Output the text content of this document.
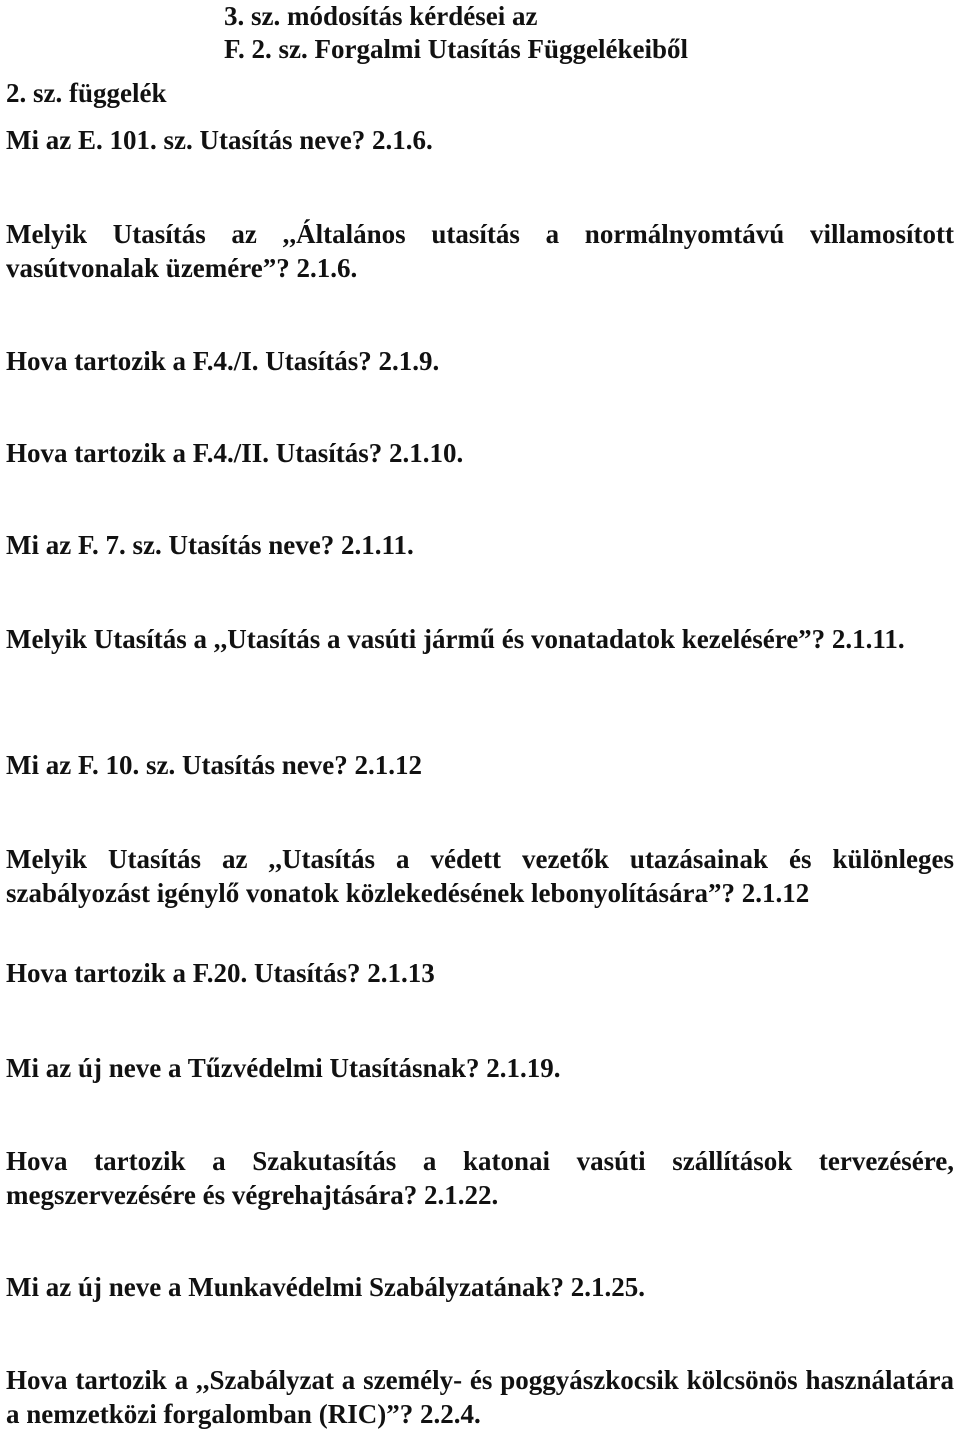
3. sz. módosítás kérdései az
F. 2. sz. Forgalmi Utasítás Függelékeiből
2. sz. függelék

Mi az E. 101. sz. Utasítás neve? 2.1.6.

Melyik Utasítás az ,,Általános utasítás a normálnyomtávú villamosított vasútvonalak üzemére”? 2.1.6.

Hova tartozik a F.4./I. Utasítás? 2.1.9.

Hova tartozik a F.4./II. Utasítás? 2.1.10.

Mi az F. 7. sz. Utasítás neve? 2.1.11.

Melyik Utasítás a ,,Utasítás a vasúti jármű és vonatadatok kezelésére”? 2.1.11.

Mi az F. 10. sz. Utasítás neve? 2.1.12

Melyik Utasítás az ,,Utasítás a védett vezetők utazásainak és különleges szabályozást igénylő vonatok közlekedésének lebonyolítására”? 2.1.12

Hova tartozik a F.20. Utasítás? 2.1.13

Mi az új neve a Tűzvédelmi Utasításnak? 2.1.19.

Hova tartozik a Szakutasítás a katonai vasúti szállítások tervezésére, megszervezésére és végrehajtására? 2.1.22.

Mi az új neve a Munkavédelmi Szabályzatának? 2.1.25.

Hova tartozik a ,,Szabályzat a személy- és poggyászkocsik kölcsönös használatára a nemzetközi forgalomban (RIC)”? 2.2.4.
